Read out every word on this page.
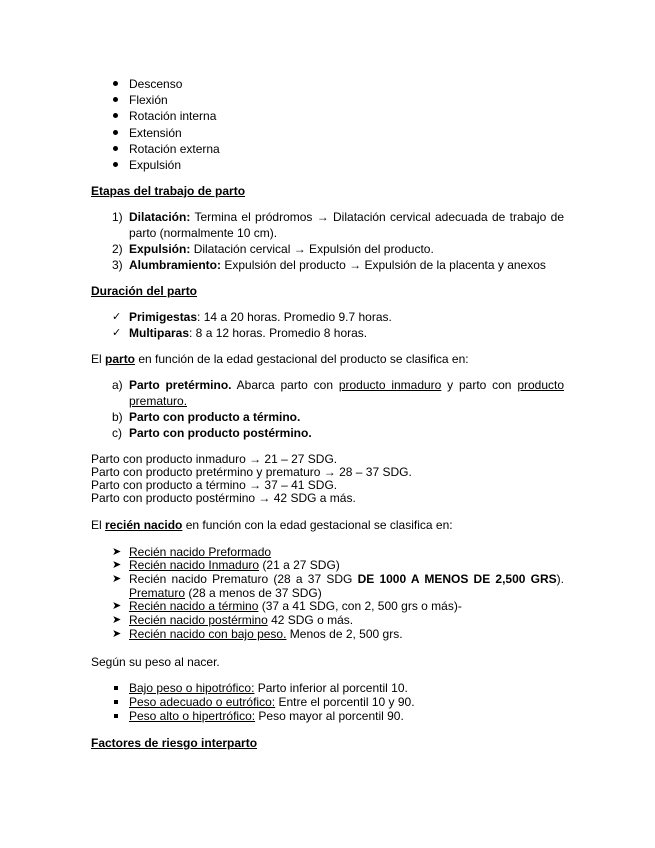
Descenso
Flexión
Rotación interna
Extensión
Rotación externa
Expulsión
Etapas del trabajo de parto
1) Dilatación: Termina el pródromos → Dilatación cervical adecuada de trabajo de
parto (normalmente 10 cm).
2) Expulsión: Dilatación cervical → Expulsión del producto.
3) Alumbramiento: Expulsión del producto → Expulsión de la placenta y anexos
Duración del parto
✓ Primigestas: 14 a 20 horas. Promedio 9.7 horas.
✓ Multiparas: 8 a 12 horas. Promedio 8 horas.
El parto en función de la edad gestacional del producto se clasifica en:
a) Parto pretérmino. Abarca parto con producto inmaduro y parto con producto
prematuro.
b) Parto con producto a término.
c) Parto con producto postérmino.
Parto con producto inmaduro → 21 – 27 SDG.
Parto con producto pretérmino y prematuro → 28 – 37 SDG.
Parto con producto a término → 37 – 41 SDG.
Parto con producto postérmino → 42 SDG a más.
El recién nacido en función con la edad gestacional se clasifica en:
➤ Recién nacido Preformado
➤ Recién nacido Inmaduro (21 a 27 SDG)
➤ Recién nacido Prematuro (28 a 37 SDG DE 1000 A MENOS DE 2,500 GRS).
Prematuro (28 a menos de 37 SDG)
➤ Recién nacido a término (37 a 41 SDG, con 2, 500 grs o más)-
➤ Recién nacido postérmino 42 SDG o más.
➤ Recién nacido con bajo peso. Menos de 2, 500 grs.
Según su peso al nacer.
Bajo peso o hipotrófico: Parto inferior al porcentil 10.
Peso adecuado o eutrófico: Entre el porcentil 10 y 90.
Peso alto o hipertrófico: Peso mayor al porcentil 90.
Factores de riesgo interparto
